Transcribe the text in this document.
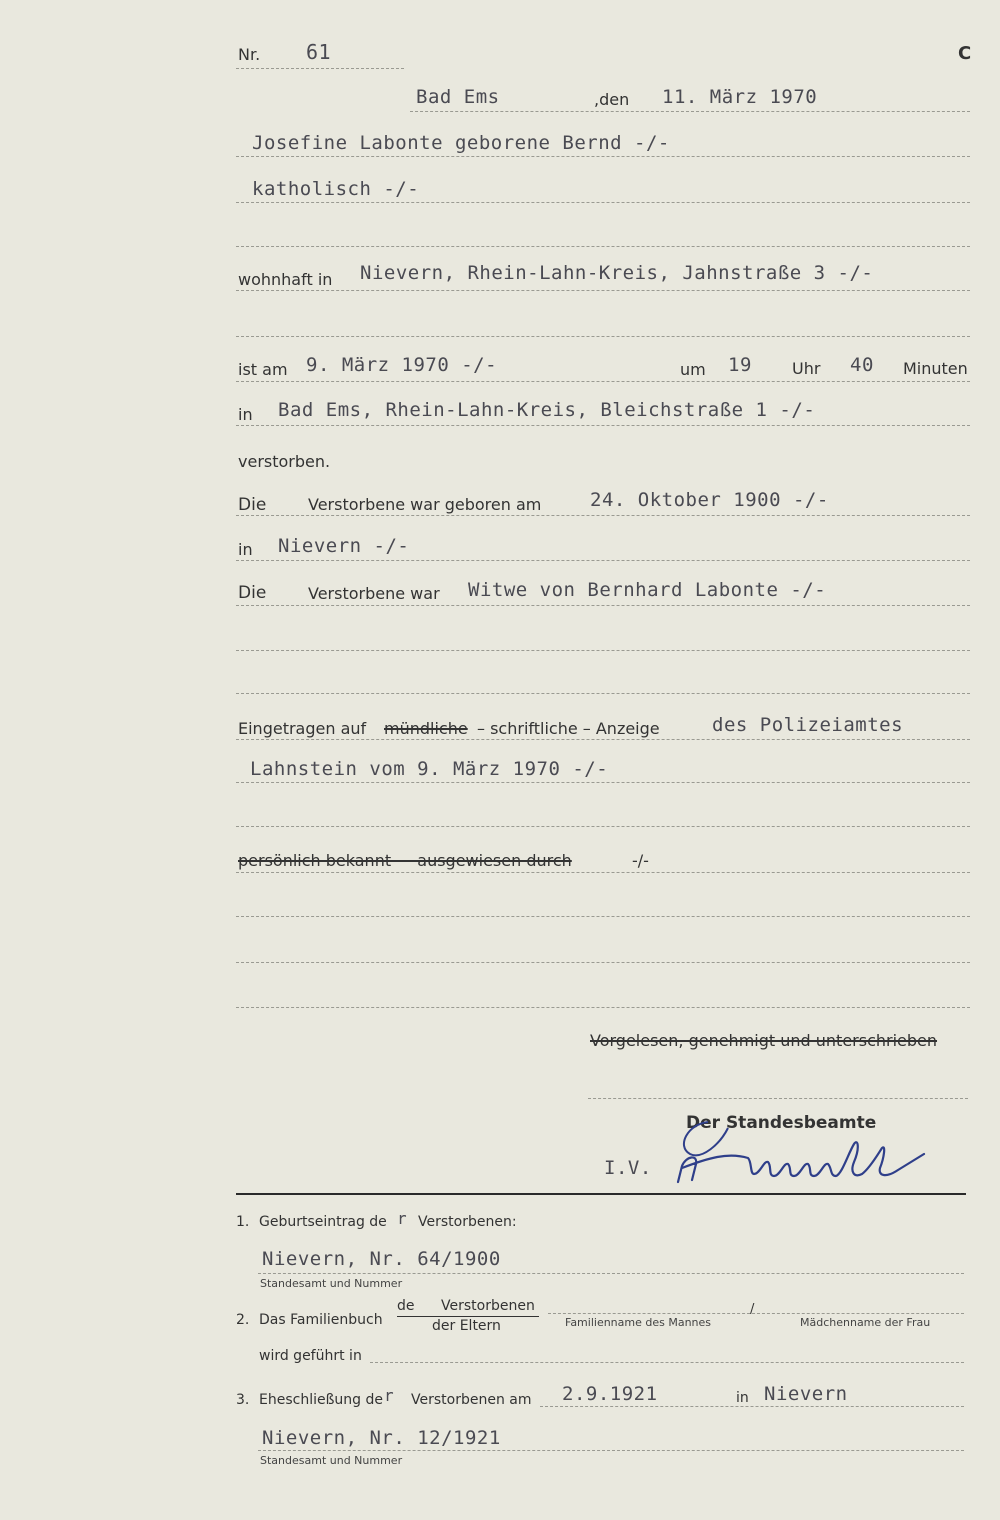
Nr. 61	C
Bad Ems	,den 11. März 1970
Josefine Labonte geborene Bernd -/-
katholisch -/-
wohnhaft in Nievern, Rhein-Lahn-Kreis, Jahnstraße 3 -/-
ist am 9. März 1970 -/-	um 19	Uhr 40 Minuten
in Bad Ems, Rhein-Lahn-Kreis, Bleichstraße 1 -/-
verstorben.
Die	Verstorbene war geboren am	24. Oktober 1900 -/-
in Nievern -/-
Die	Verstorbene war Witwe von Bernhard Labonte -/-
Eingetragen auf mündliche – schriftliche – Anzeige	des Polizeiamtes
Lahnstein vom 9. März 1970 -/-
persönlich bekannt — ausgewiesen durch	-/-
Vorgelesen, genehmigt und unterschrieben
Der Standesbeamte
I.V.
1. Geburtseintrag de r Verstorbenen:
Nievern, Nr. 64/1900
Standesamt und Nummer
2. Das Familienbuch
de Verstorbenen
der Eltern	Familienname des Mannes
/
Mädchenname der Frau
wird geführt in
3. Eheschließung de r Verstorbenen am 2.9.1921	in Nievern
Nievern, Nr. 12/1921
Standesamt und Nummer
